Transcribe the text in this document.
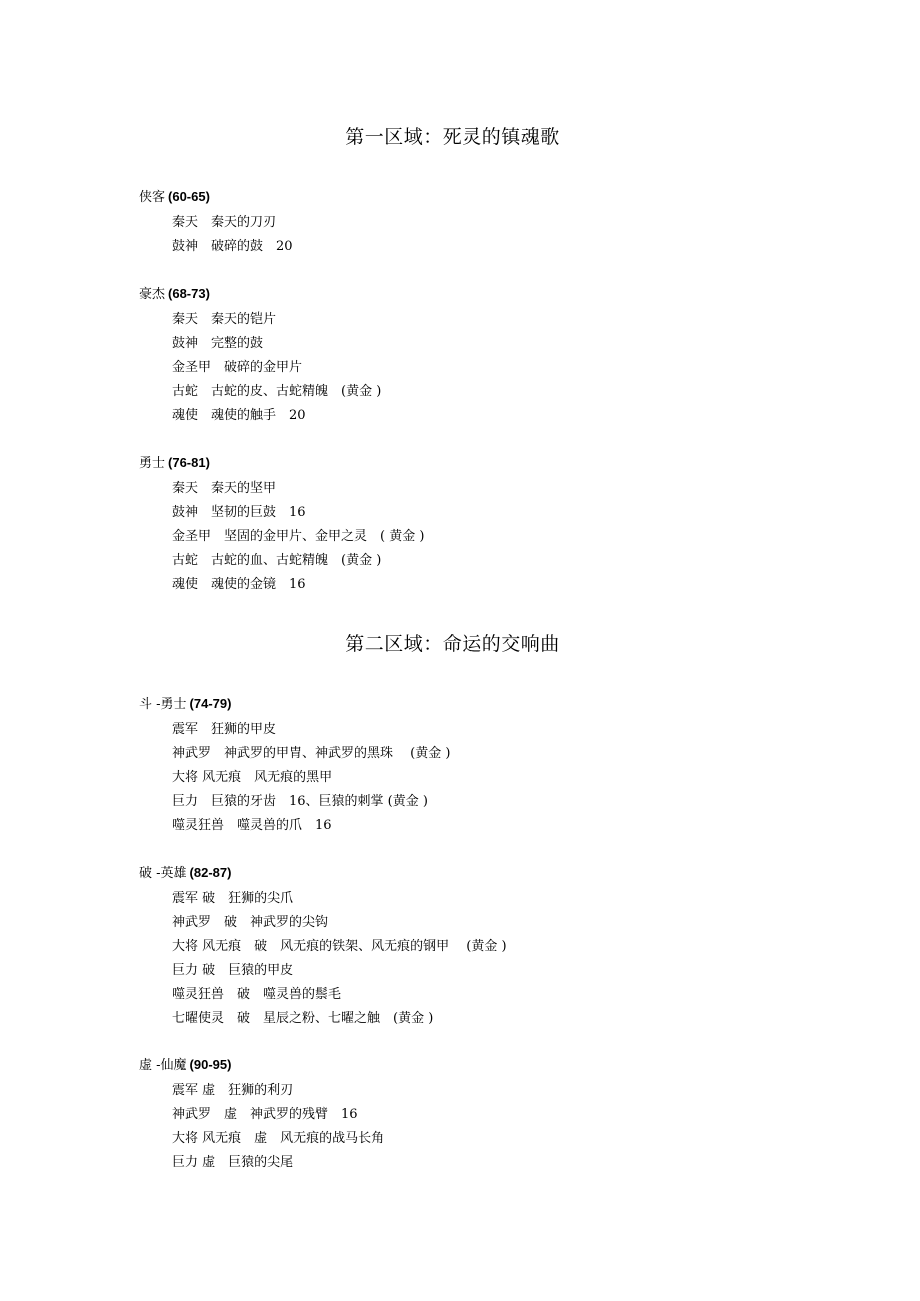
第一区域：死灵的镇魂歌
侠客 (60-65)
秦天　秦天的刀刃
鼓神　破碎的鼓　20
豪杰 (68-73)
秦天　秦天的铠片
鼓神　完整的鼓
金圣甲　破碎的金甲片
古蛇　古蛇的皮、古蛇精魄　(黄金 )
魂使　魂使的触手　20
勇士 (76-81)
秦天　秦天的坚甲
鼓神　坚韧的巨鼓　16
金圣甲　坚固的金甲片、金甲之灵　( 黄金 )
古蛇　古蛇的血、古蛇精魄　(黄金 )
魂使　魂使的金镜　16
第二区域：命运的交响曲
斗 -勇士 (74-79)
震军　狂狮的甲皮
神武罗　神武罗的甲胄、神武罗的黑珠　 (黄金 )
大将 风无痕　风无痕的黑甲
巨力　巨猿的牙齿　16、巨猿的刺掌 (黄金 )
噬灵狂兽　噬灵兽的爪　16
破 -英雄 (82-87)
震军 破　狂狮的尖爪
神武罗　破　神武罗的尖钩
大将 风无痕　破　风无痕的铁架、风无痕的钢甲　 (黄金 )
巨力 破　巨猿的甲皮
噬灵狂兽　破　噬灵兽的鬃毛
七曜使灵　破　星辰之粉、七曜之触　(黄金 )
虚 -仙魔 (90-95)
震军 虚　狂狮的利刃
神武罗　虚　神武罗的残臂　16
大将 风无痕　虚　风无痕的战马长角
巨力 虚　巨猿的尖尾
